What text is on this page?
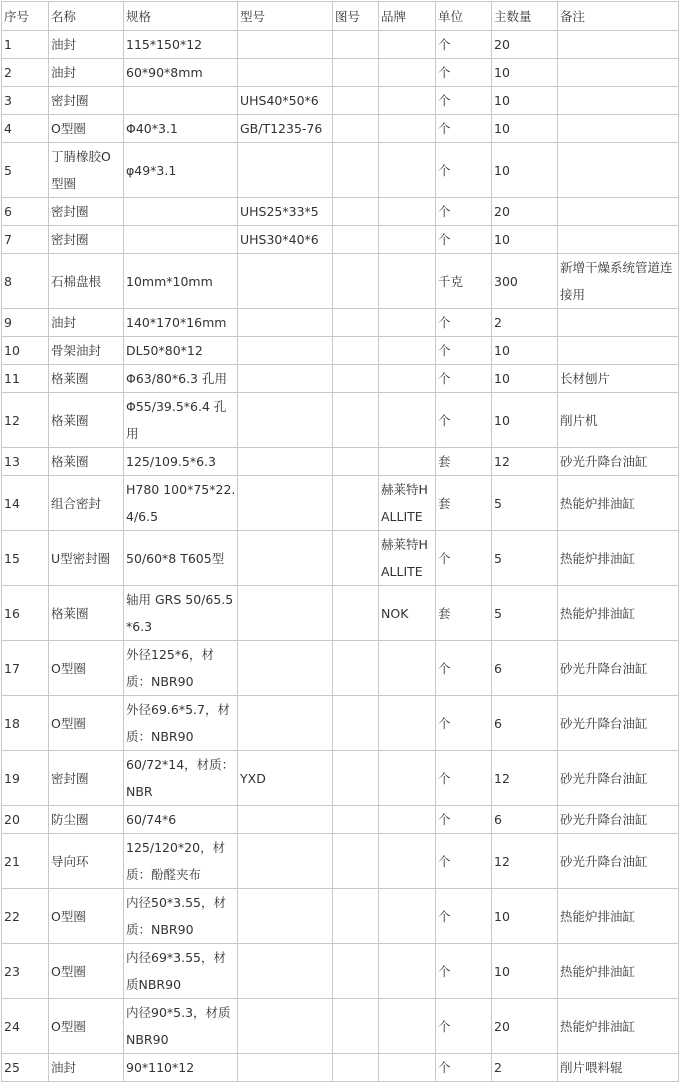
序号	名称	规格	型号	图号	品牌	单位	主数量	备注
1	油封	115*150*12				个	20	
2	油封	60*90*8mm				个	10	
3	密封圈		UHS40*50*6			个	10	
4	O型圈	Φ40*3.1	GB/T1235-76			个	10	
5	丁腈橡胶O型圈	φ49*3.1				个	10	
6	密封圈		UHS25*33*5			个	20	
7	密封圈		UHS30*40*6			个	10	
8	石棉盘根	10mm*10mm				千克	300	新增干燥系统管道连接用
9	油封	140*170*16mm				个	2	
10	骨架油封	DL50*80*12				个	10	
11	格莱圈	Φ63/80*6.3 孔用				个	10	长材刨片
12	格莱圈	Φ55/39.5*6.4 孔用				个	10	削片机
13	格莱圈	125/109.5*6.3				套	12	砂光升降台油缸
14	组合密封	H780 100*75*22.4/6.5			赫莱特HALLITE	套	5	热能炉排油缸
15	U型密封圈	50/60*8 T605型			赫莱特HALLITE	个	5	热能炉排油缸
16	格莱圈	轴用 GRS 50/65.5*6.3			NOK	套	5	热能炉排油缸
17	O型圈	外径125*6，材质：NBR90				个	6	砂光升降台油缸
18	O型圈	外径69.6*5.7，材质：NBR90				个	6	砂光升降台油缸
19	密封圈	60/72*14，材质：NBR	YXD			个	12	砂光升降台油缸
20	防尘圈	60/74*6				个	6	砂光升降台油缸
21	导向环	125/120*20，材质：酚醛夹布				个	12	砂光升降台油缸
22	O型圈	内径50*3.55，材质：NBR90				个	10	热能炉排油缸
23	O型圈	内径69*3.55，材质NBR90				个	10	热能炉排油缸
24	O型圈	内径90*5.3，材质NBR90				个	20	热能炉排油缸
25	油封	90*110*12				个	2	削片喂料辊
